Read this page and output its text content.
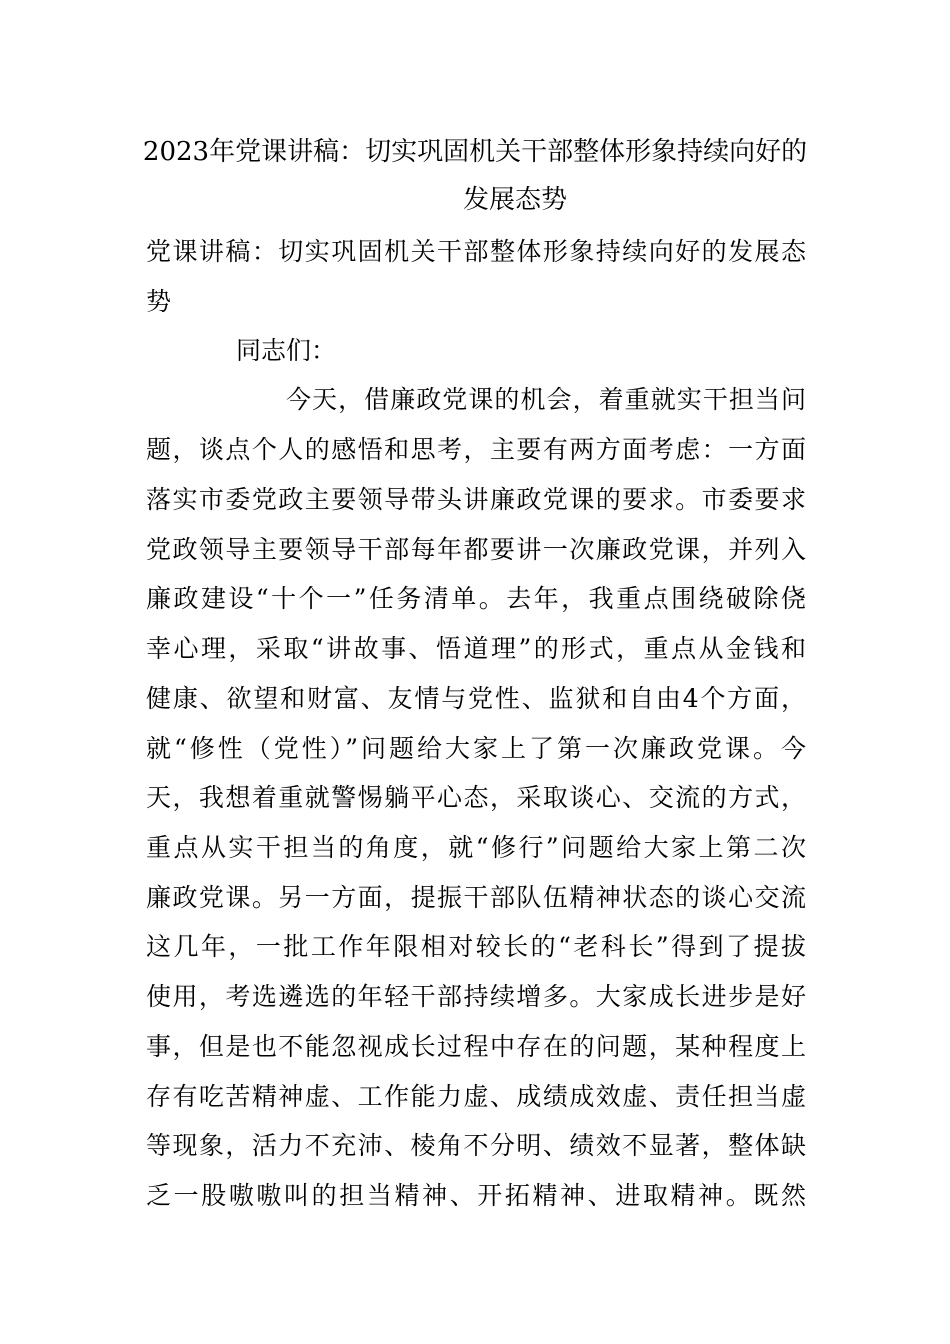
2023年党课讲稿：切实巩固机关干部整体形象持续向好的
发展态势
党课讲稿：切实巩固机关干部整体形象持续向好的发展态
势
同志们：
今天，借廉政党课的机会，着重就实干担当问
题，谈点个人的感悟和思考，主要有两方面考虑：一方面
落实市委党政主要领导带头讲廉政党课的要求。市委要求
党政领导主要领导干部每年都要讲一次廉政党课，并列入
廉政建设“十个一”任务清单。去年，我重点围绕破除侥
幸心理，采取“讲故事、悟道理”的形式，重点从金钱和
健康、欲望和财富、友情与党性、监狱和自由4个方面，
就“修性（党性）”问题给大家上了第一次廉政党课。今
天，我想着重就警惕躺平心态，采取谈心、交流的方式，
重点从实干担当的角度，就“修行”问题给大家上第二次
廉政党课。另一方面，提振干部队伍精神状态的谈心交流
这几年，一批工作年限相对较长的“老科长”得到了提拔
使用，考选遴选的年轻干部持续增多。大家成长进步是好
事，但是也不能忽视成长过程中存在的问题，某种程度上
存有吃苦精神虚、工作能力虚、成绩成效虚、责任担当虚
等现象，活力不充沛、棱角不分明、绩效不显著，整体缺
乏一股嗷嗷叫的担当精神、开拓精神、进取精神。既然
